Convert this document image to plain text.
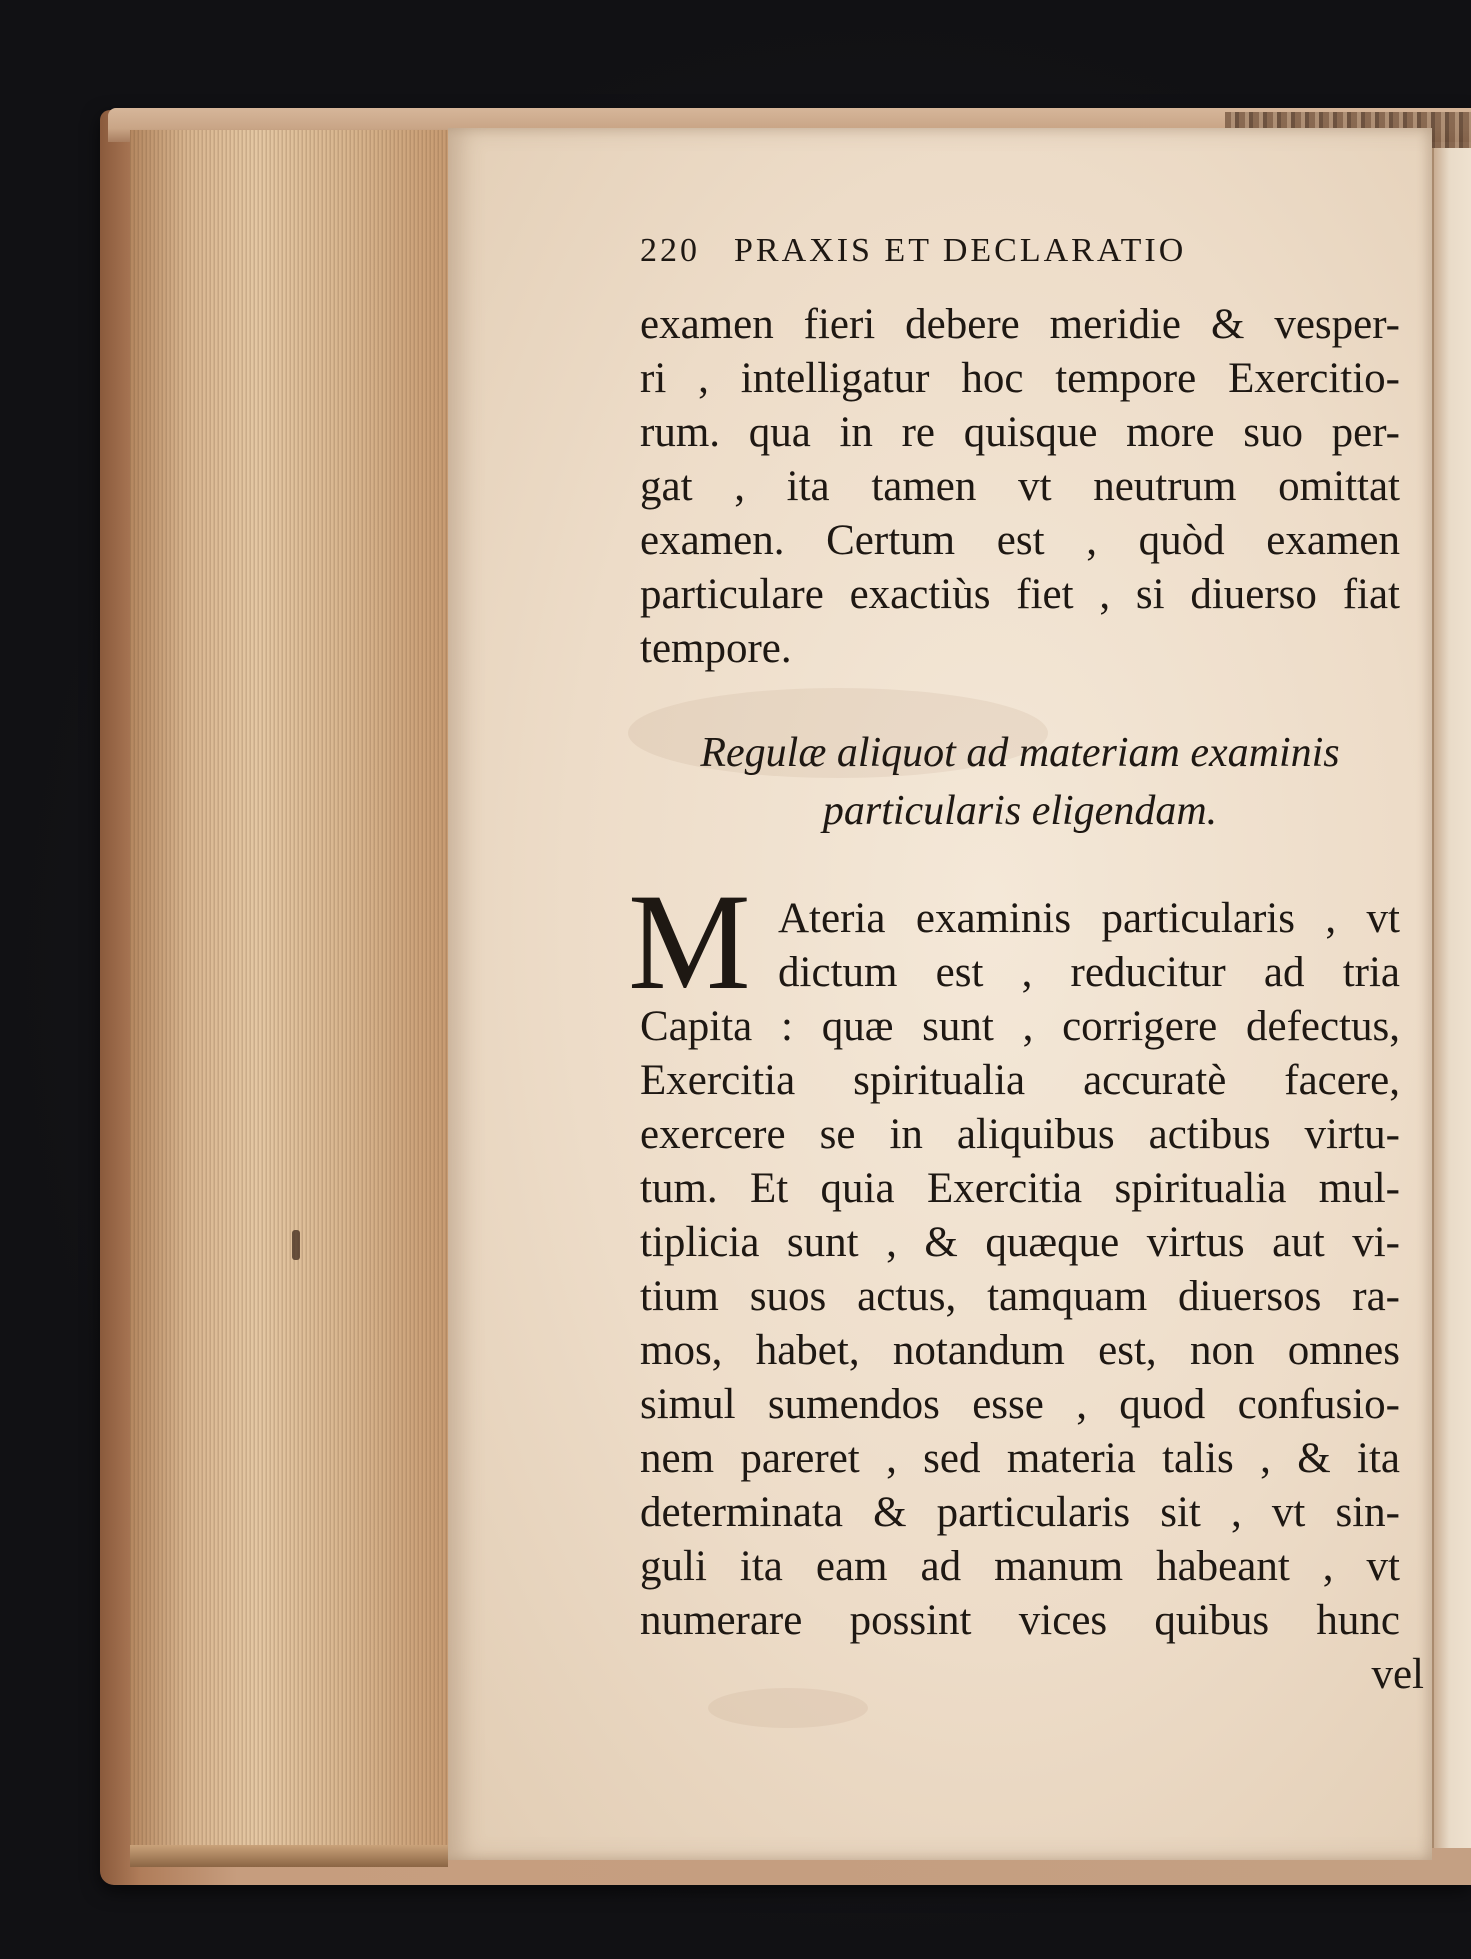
220 PRAXIS ET DECLARATIO
examen fieri debere meridie & vesper-
ri , intelligatur hoc tempore Exercitio-
rum. qua in re quisque more suo per-
gat , ita tamen vt neutrum omittat
examen. Certum est , quòd examen
particulare exactiùs fiet , si diuerso fiat
tempore.
Regulæ aliquot ad materiam examinis
particularis eligendam.
M Ateria examinis particularis , vt
dictum est , reducitur ad tria
Capita : quæ sunt , corrigere defectus,
Exercitia spiritualia accuratè facere,
exercere se in aliquibus actibus virtu-
tum. Et quia Exercitia spiritualia mul-
tiplicia sunt , & quæque virtus aut vi-
tium suos actus, tamquam diuersos ra-
mos, habet, notandum est, non omnes
simul sumendos esse , quod confusio-
nem pareret , sed materia talis , & ita
determinata & particularis sit , vt sin-
guli ita eam ad manum habeant , vt
numerare possint vices quibus hunc
vel
